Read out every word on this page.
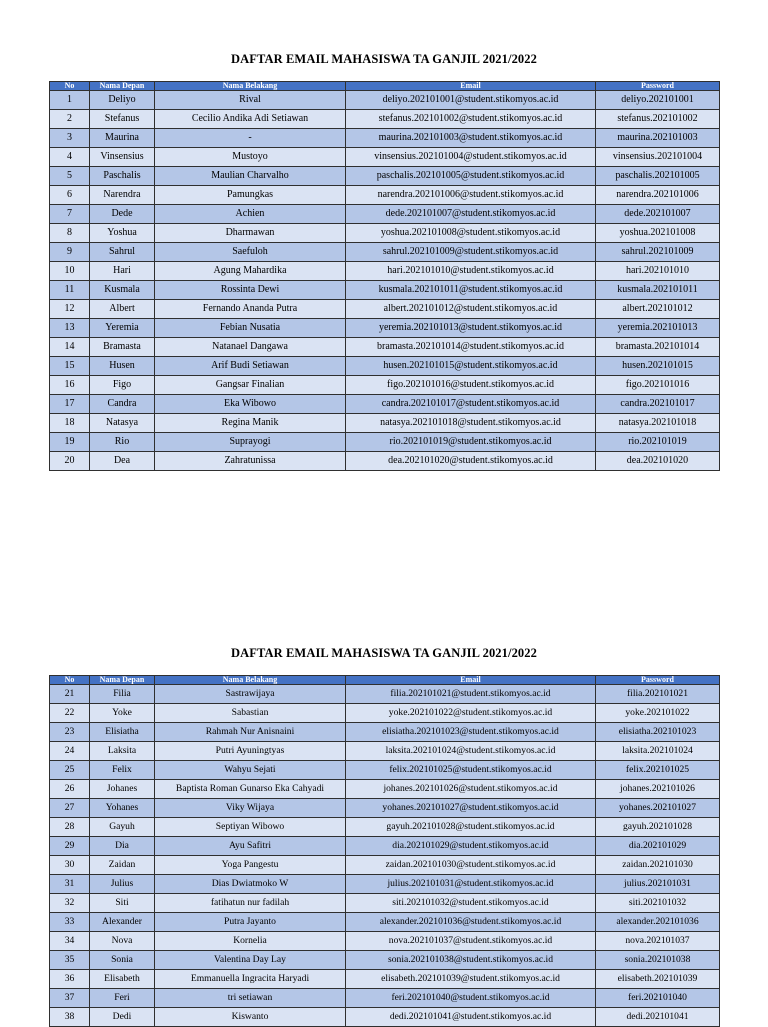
DAFTAR EMAIL MAHASISWA TA GANJIL 2021/2022
No	Nama Depan	Nama Belakang	Email	Password
1	Deliyo	Rival	deliyo.202101001@student.stikomyos.ac.id	deliyo.202101001
2	Stefanus	Cecilio Andika Adi Setiawan	stefanus.202101002@student.stikomyos.ac.id	stefanus.202101002
3	Maurina	-	maurina.202101003@student.stikomyos.ac.id	maurina.202101003
4	Vinsensius	Mustoyo	vinsensius.202101004@student.stikomyos.ac.id	vinsensius.202101004
5	Paschalis	Maulian Charvalho	paschalis.202101005@student.stikomyos.ac.id	paschalis.202101005
6	Narendra	Pamungkas	narendra.202101006@student.stikomyos.ac.id	narendra.202101006
7	Dede	Achien	dede.202101007@student.stikomyos.ac.id	dede.202101007
8	Yoshua	Dharmawan	yoshua.202101008@student.stikomyos.ac.id	yoshua.202101008
9	Sahrul	Saefuloh	sahrul.202101009@student.stikomyos.ac.id	sahrul.202101009
10	Hari	Agung Mahardika	hari.202101010@student.stikomyos.ac.id	hari.202101010
11	Kusmala	Rossinta Dewi	kusmala.202101011@student.stikomyos.ac.id	kusmala.202101011
12	Albert	Fernando Ananda Putra	albert.202101012@student.stikomyos.ac.id	albert.202101012
13	Yeremia	Febian Nusatia	yeremia.202101013@student.stikomyos.ac.id	yeremia.202101013
14	Bramasta	Natanael Dangawa	bramasta.202101014@student.stikomyos.ac.id	bramasta.202101014
15	Husen	Arif Budi Setiawan	husen.202101015@student.stikomyos.ac.id	husen.202101015
16	Figo	Gangsar Finalian	figo.202101016@student.stikomyos.ac.id	figo.202101016
17	Candra	Eka Wibowo	candra.202101017@student.stikomyos.ac.id	candra.202101017
18	Natasya	Regina Manik	natasya.202101018@student.stikomyos.ac.id	natasya.202101018
19	Rio	Suprayogi	rio.202101019@student.stikomyos.ac.id	rio.202101019
20	Dea	Zahratunissa	dea.202101020@student.stikomyos.ac.id	dea.202101020
DAFTAR EMAIL MAHASISWA TA GANJIL 2021/2022
No	Nama Depan	Nama Belakang	Email	Password
21	Filia	Sastrawijaya	filia.202101021@student.stikomyos.ac.id	filia.202101021
22	Yoke	Sabastian	yoke.202101022@student.stikomyos.ac.id	yoke.202101022
23	Elisiatha	Rahmah Nur Anisnaini	elisiatha.202101023@student.stikomyos.ac.id	elisiatha.202101023
24	Laksita	Putri Ayuningtyas	laksita.202101024@student.stikomyos.ac.id	laksita.202101024
25	Felix	Wahyu Sejati	felix.202101025@student.stikomyos.ac.id	felix.202101025
26	Johanes	Baptista Roman Gunarso Eka Cahyadi	johanes.202101026@student.stikomyos.ac.id	johanes.202101026
27	Yohanes	Viky Wijaya	yohanes.202101027@student.stikomyos.ac.id	yohanes.202101027
28	Gayuh	Septiyan Wibowo	gayuh.202101028@student.stikomyos.ac.id	gayuh.202101028
29	Dia	Ayu Safitri	dia.202101029@student.stikomyos.ac.id	dia.202101029
30	Zaidan	Yoga Pangestu	zaidan.202101030@student.stikomyos.ac.id	zaidan.202101030
31	Julius	Dias Dwiatmoko W	julius.202101031@student.stikomyos.ac.id	julius.202101031
32	Siti	fatihatun nur fadilah	siti.202101032@student.stikomyos.ac.id	siti.202101032
33	Alexander	Putra Jayanto	alexander.202101036@student.stikomyos.ac.id	alexander.202101036
34	Nova	Kornelia	nova.202101037@student.stikomyos.ac.id	nova.202101037
35	Sonia	Valentina Day Lay	sonia.202101038@student.stikomyos.ac.id	sonia.202101038
36	Elisabeth	Emmanuella Ingracita Haryadi	elisabeth.202101039@student.stikomyos.ac.id	elisabeth.202101039
37	Feri	tri setiawan	feri.202101040@student.stikomyos.ac.id	feri.202101040
38	Dedi	Kiswanto	dedi.202101041@student.stikomyos.ac.id	dedi.202101041
